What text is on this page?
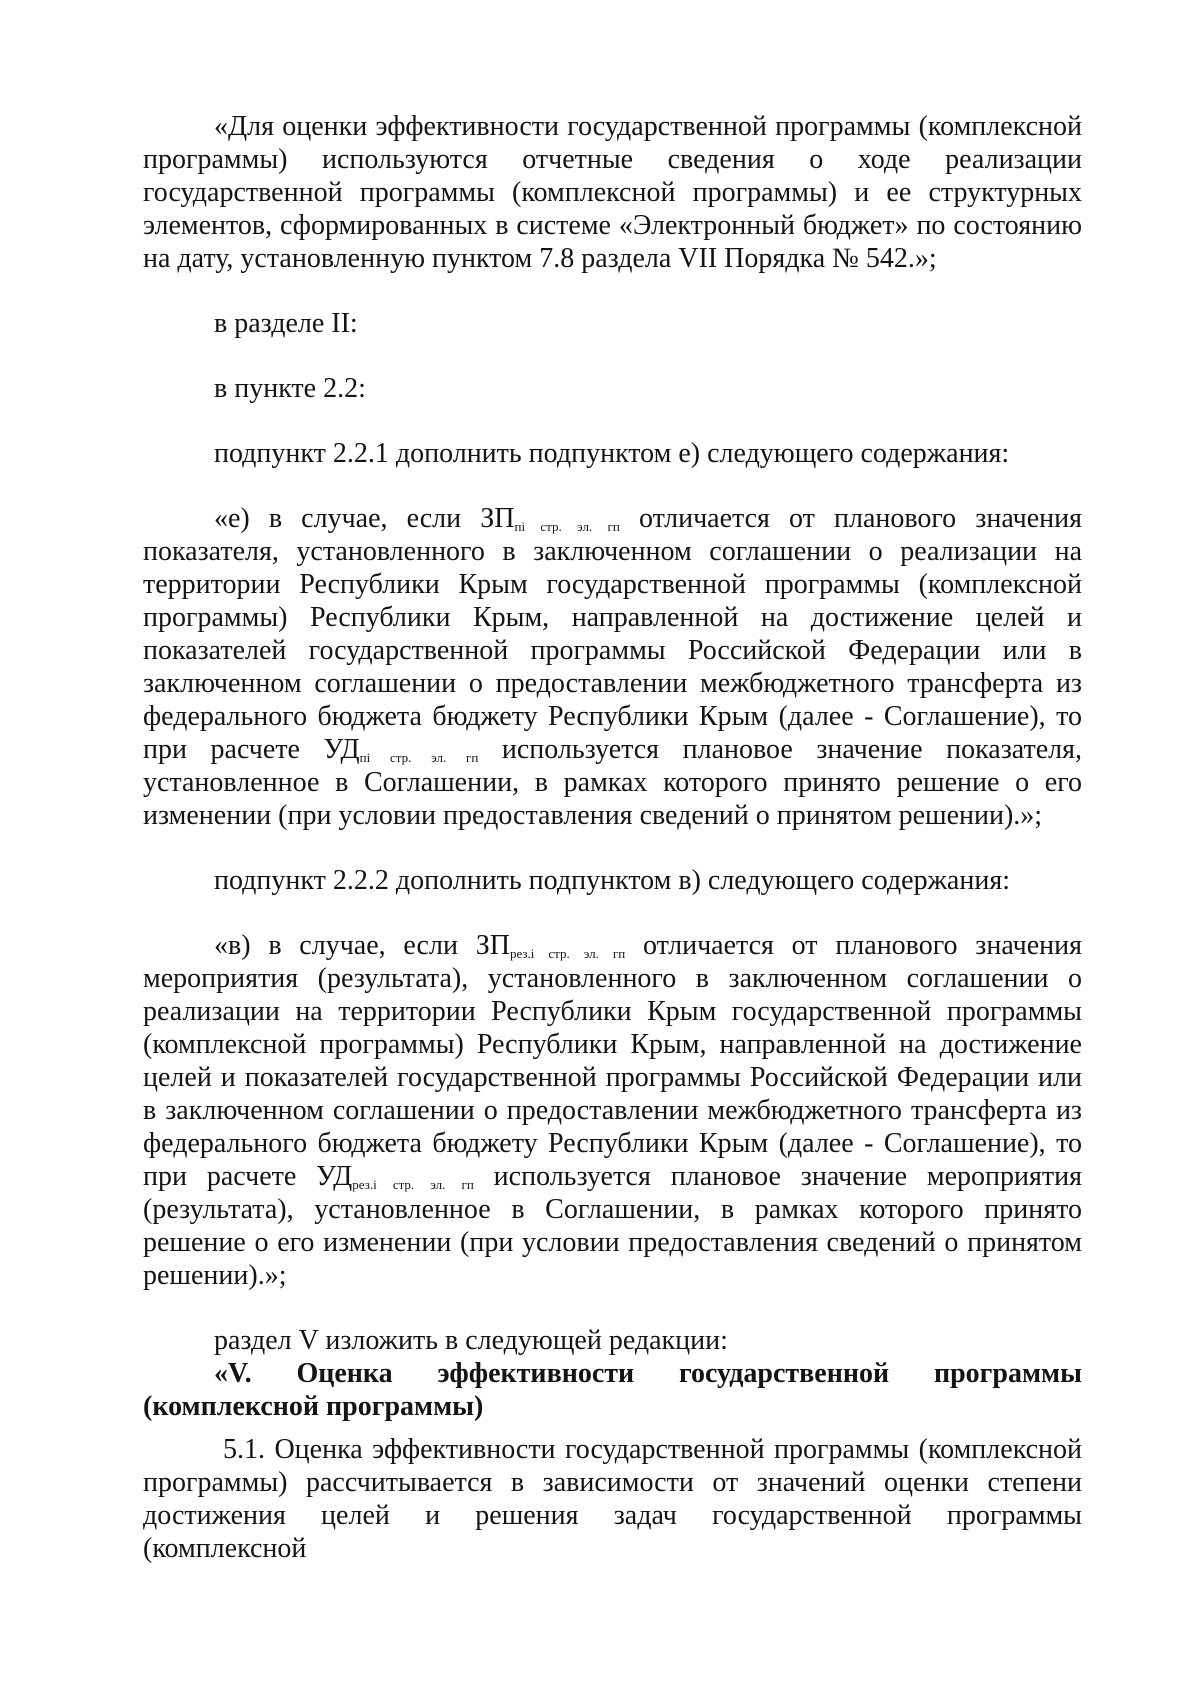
«Для оценки эффективности государственной программы (комплексной программы) используются отчетные сведения о ходе реализации государственной программы (комплексной программы) и ее структурных элементов, сформированных в системе «Электронный бюджет» по состоянию на дату, установленную пунктом 7.8 раздела VII Порядка № 542.»;

в разделе II:

в пункте 2.2:

подпункт 2.2.1 дополнить подпунктом е) следующего содержания:

«е) в случае, если $ЗП_{пi стр. эл. гп}$ отличается от планового значения показателя, установленного в заключенном соглашении о реализации на территории Республики Крым государственной программы (комплексной программы) Республики Крым, направленной на достижение целей и показателей государственной программы Российской Федерации или в заключенном соглашении о предоставлении межбюджетного трансферта из федерального бюджета бюджету Республики Крым (далее - Соглашение), то при расчете $УД_{пi стр. эл. гп}$ используется плановое значение показателя, установленное в Соглашении, в рамках которого принято решение о его изменении (при условии предоставления сведений о принятом решении).»;

подпункт 2.2.2 дополнить подпунктом в) следующего содержания:

«в) в случае, если $ЗП_{рез.i стр. эл. гп}$ отличается от планового значения мероприятия (результата), установленного в заключенном соглашении о реализации на территории Республики Крым государственной программы (комплексной программы) Республики Крым, направленной на достижение целей и показателей государственной программы Российской Федерации или в заключенном соглашении о предоставлении межбюджетного трансферта из федерального бюджета бюджету Республики Крым (далее - Соглашение), то при расчете $УД_{рез.i стр. эл. гп}$ используется плановое значение мероприятия (результата), установленное в Соглашении, в рамках которого принято решение о его изменении (при условии предоставления сведений о принятом решении).»;

раздел V изложить в следующей редакции:

«V. Оценка эффективности государственной программы
(комплексной программы)

5.1. Оценка эффективности государственной программы (комплексной программы) рассчитывается в зависимости от значений оценки степени достижения целей и решения задач государственной программы (комплексной
